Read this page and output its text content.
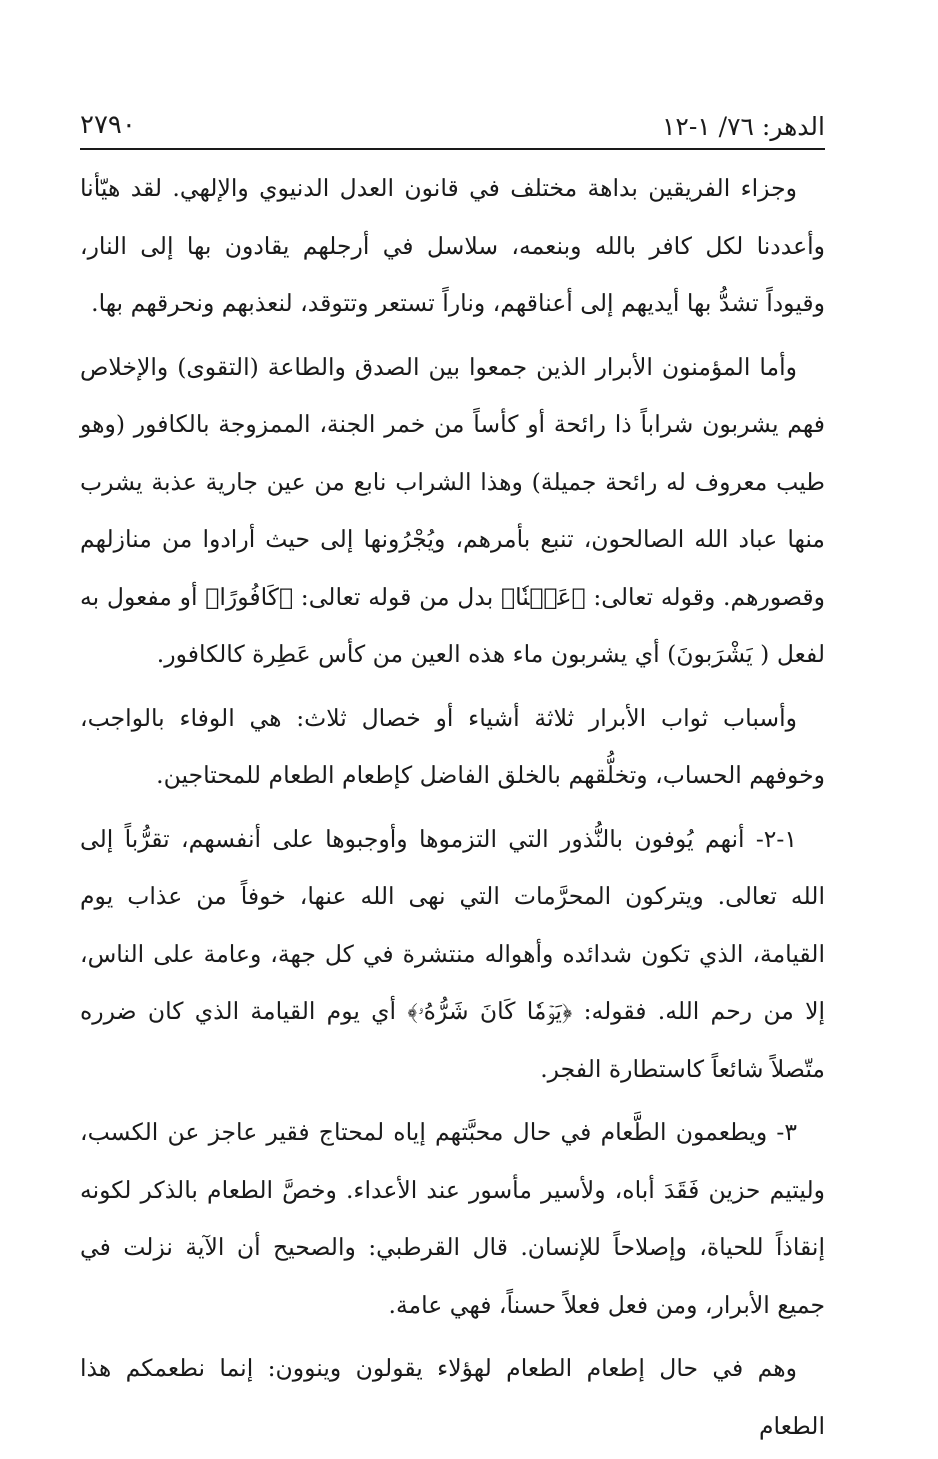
الدهر: ٧٦/ ١-١٢
٢٧٩٠

وجزاء الفريقين بداهة مختلف في قانون العدل الدنيوي والإلهي. لقد هيّأنا وأعددنا لكل كافر بالله وبنعمه، سلاسل في أرجلهم يقادون بها إلى النار، وقيوداً تشدُّ بها أيديهم إلى أعناقهم، وناراً تستعر وتتوقد، لنعذبهم ونحرقهم بها.

وأما المؤمنون الأبرار الذين جمعوا بين الصدق والطاعة (التقوى) والإخلاص فهم يشربون شراباً ذا رائحة أو كأساً من خمر الجنة، الممزوجة بالكافور (وهو طيب معروف له رائحة جميلة) وهذا الشراب نابع من عين جارية عذبة يشرب منها عباد الله الصالحون، تنبع بأمرهم، ويُجْرُونها إلى حيث أرادوا من منازلهم وقصورهم. وقوله تعالى: ﴿عَيۡنٗا﴾ بدل من قوله تعالى: ﴿كَافُورًا﴾ أو مفعول به لفعل ( يَشْرَبونَ) أي يشربون ماء هذه العين من كأس عَطِرة كالكافور.

وأسباب ثواب الأبرار ثلاثة أشياء أو خصال ثلاث: هي الوفاء بالواجب، وخوفهم الحساب، وتخلُّقهم بالخلق الفاضل كإطعام الطعام للمحتاجين.

١-٢- أنهم يُوفون بالنُّذور التي التزموها وأوجبوها على أنفسهم، تقرُّباً إلى الله تعالى. ويتركون المحرَّمات التي نهى الله عنها، خوفاً من عذاب يوم القيامة، الذي تكون شدائده وأهواله منتشرة في كل جهة، وعامة على الناس، إلا من رحم الله. فقوله: ﴿يَوۡمٗا كَانَ شَرُّهُۥ﴾ أي يوم القيامة الذي كان ضرره متّصلاً شائعاً كاستطارة الفجر.

٣- ويطعمون الطَّعام في حال محبَّتهم إياه لمحتاج فقير عاجز عن الكسب، وليتيم حزين فَقَدَ أباه، ولأسير مأسور عند الأعداء. وخصَّ الطعام بالذكر لكونه إنقاذاً للحياة، وإصلاحاً للإنسان. قال القرطبي: والصحيح أن الآية نزلت في جميع الأبرار، ومن فعل فعلاً حسناً، فهي عامة.

وهم في حال إطعام الطعام لهؤلاء يقولون وينوون: إنما نطعمكم هذا الطعام
